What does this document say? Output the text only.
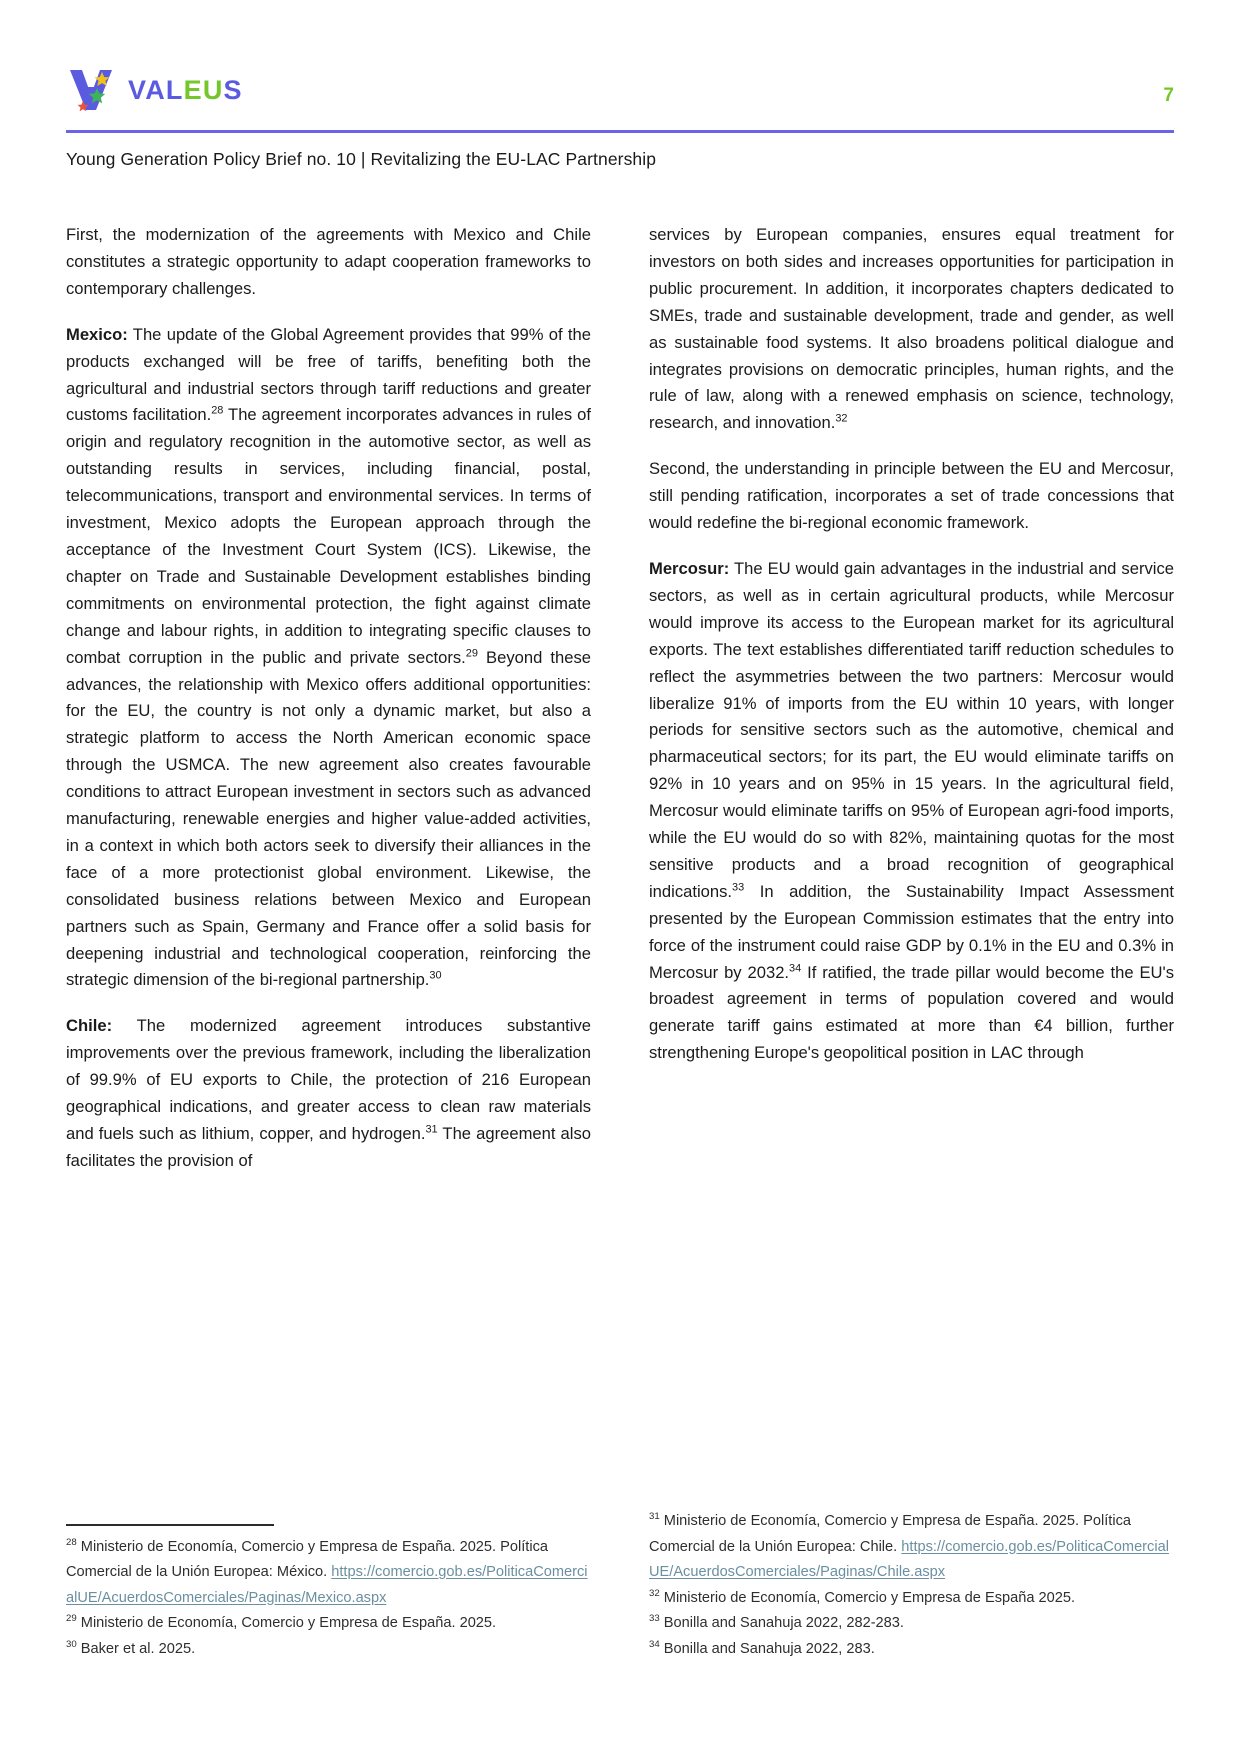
VALEUS	7
Young Generation Policy Brief no. 10 | Revitalizing the EU-LAC Partnership

First, the modernization of the agreements with Mexico and Chile constitutes a strategic opportunity to adapt cooperation frameworks to contemporary challenges.

Mexico: The update of the Global Agreement provides that 99% of the products exchanged will be free of tariffs, benefiting both the agricultural and industrial sectors through tariff reductions and greater customs facilitation.$^{28}$ The agreement incorporates advances in rules of origin and regulatory recognition in the automotive sector, as well as outstanding results in services, including financial, postal, telecommunications, transport and environmental services. In terms of investment, Mexico adopts the European approach through the acceptance of the Investment Court System (ICS). Likewise, the chapter on Trade and Sustainable Development establishes binding commitments on environmental protection, the fight against climate change and labour rights, in addition to integrating specific clauses to combat corruption in the public and private sectors.$^{29}$ Beyond these advances, the relationship with Mexico offers additional opportunities: for the EU, the country is not only a dynamic market, but also a strategic platform to access the North American economic space through the USMCA. The new agreement also creates favourable conditions to attract European investment in sectors such as advanced manufacturing, renewable energies and higher value-added activities, in a context in which both actors seek to diversify their alliances in the face of a more protectionist global environment. Likewise, the consolidated business relations between Mexico and European partners such as Spain, Germany and France offer a solid basis for deepening industrial and technological cooperation, reinforcing the strategic dimension of the bi-regional partnership.$^{30}$

Chile: The modernized agreement introduces substantive improvements over the previous framework, including the liberalization of 99.9% of EU exports to Chile, the protection of 216 European geographical indications, and greater access to clean raw materials and fuels such as lithium, copper, and hydrogen.$^{31}$ The agreement also facilitates the provision of

$^{28}$ Ministerio de Economía, Comercio y Empresa de España. 2025. Política Comercial de la Unión Europea: México. https://comercio.gob.es/PoliticaComercialUE/AcuerdosComerciales/Paginas/Mexico.aspx

$^{29}$ Ministerio de Economía, Comercio y Empresa de España. 2025.

$^{30}$ Baker et al. 2025.

services by European companies, ensures equal treatment for investors on both sides and increases opportunities for participation in public procurement. In addition, it incorporates chapters dedicated to SMEs, trade and sustainable development, trade and gender, as well as sustainable food systems. It also broadens political dialogue and integrates provisions on democratic principles, human rights, and the rule of law, along with a renewed emphasis on science, technology, research, and innovation.$^{32}$

Second, the understanding in principle between the EU and Mercosur, still pending ratification, incorporates a set of trade concessions that would redefine the bi-regional economic framework.

Mercosur: The EU would gain advantages in the industrial and service sectors, as well as in certain agricultural products, while Mercosur would improve its access to the European market for its agricultural exports. The text establishes differentiated tariff reduction schedules to reflect the asymmetries between the two partners: Mercosur would liberalize 91% of imports from the EU within 10 years, with longer periods for sensitive sectors such as the automotive, chemical and pharmaceutical sectors; for its part, the EU would eliminate tariffs on 92% in 10 years and on 95% in 15 years. In the agricultural field, Mercosur would eliminate tariffs on 95% of European agri-food imports, while the EU would do so with 82%, maintaining quotas for the most sensitive products and a broad recognition of geographical indications.$^{33}$ In addition, the Sustainability Impact Assessment presented by the European Commission estimates that the entry into force of the instrument could raise GDP by 0.1% in the EU and 0.3% in Mercosur by 2032.34 If ratified, the trade pillar would become the EU's broadest agreement in terms of population covered and would generate tariff gains estimated at more than €4 billion, further strengthening Europe's geopolitical position in LAC through

$^{31}$ Ministerio de Economía, Comercio y Empresa de España. 2025. Política Comercial de la Unión Europea: Chile. https://comercio.gob.es/PoliticaComercialUE/AcuerdosComerciales/Paginas/Chile.aspx

$^{32}$ Ministerio de Economía, Comercio y Empresa de España 2025.

$^{33}$ Bonilla and Sanahuja 2022, 282-283.

$^{34}$ Bonilla and Sanahuja 2022, 283.
